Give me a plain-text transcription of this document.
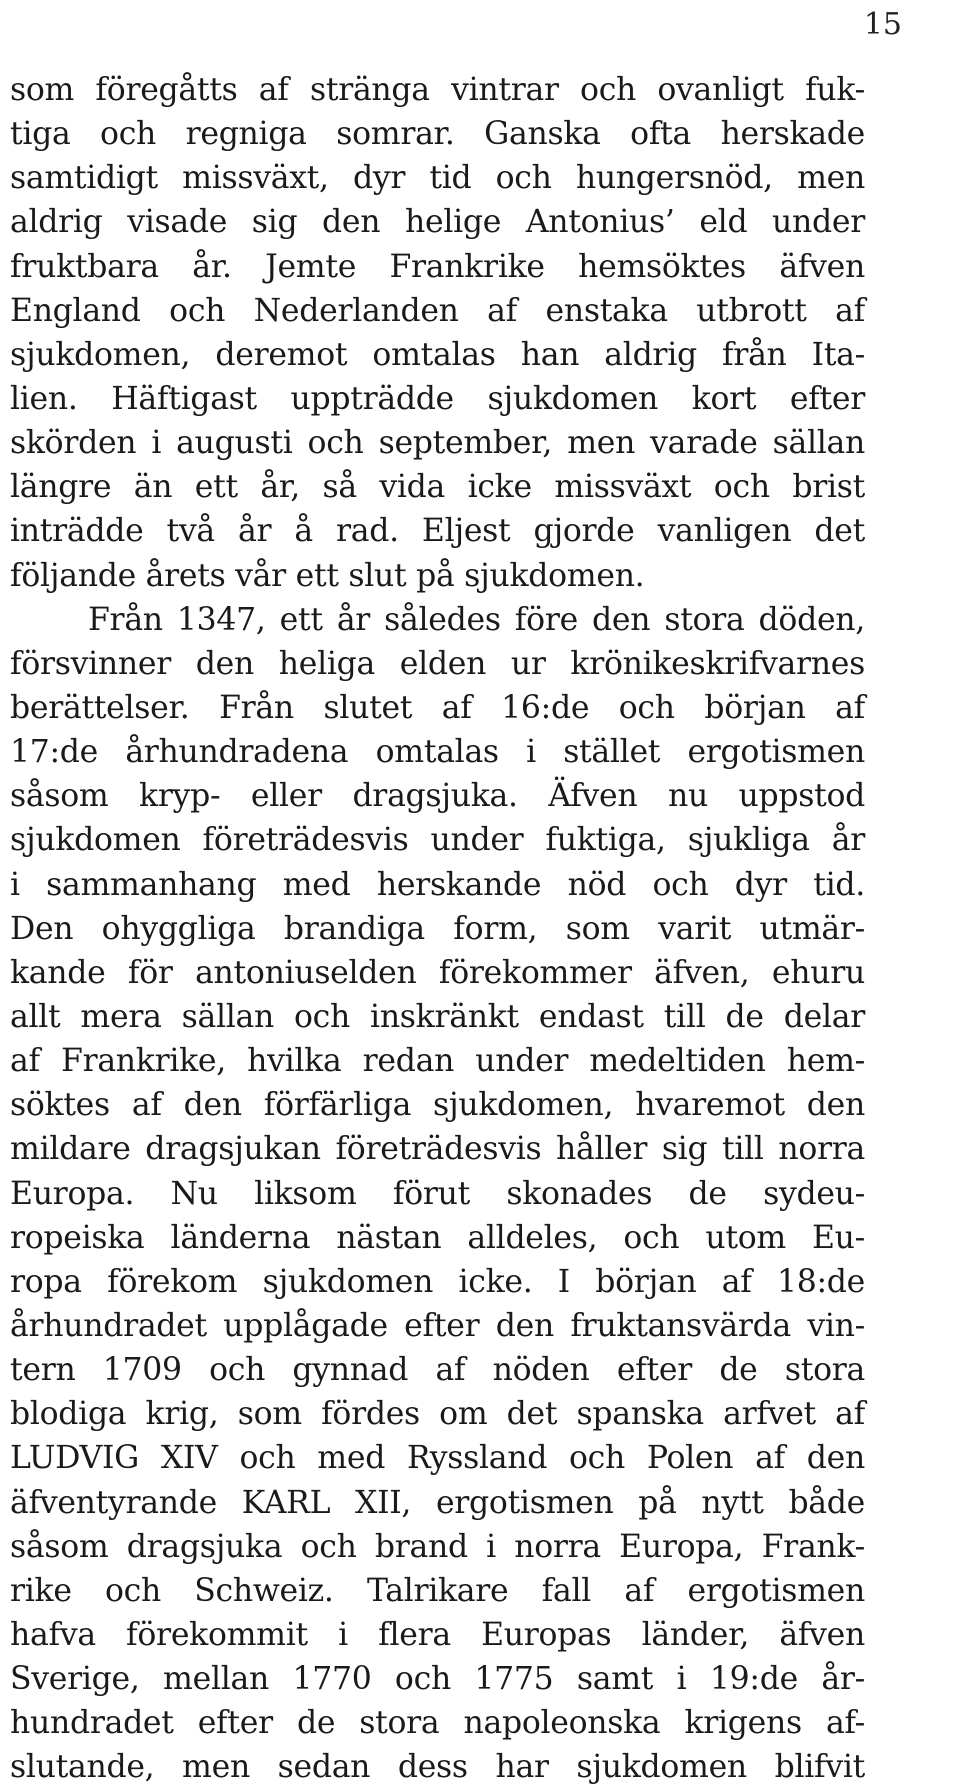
15
som föregåtts af stränga vintrar och ovanligt fuk-
tiga och regniga somrar. Ganska ofta herskade
samtidigt missväxt, dyr tid och hungersnöd, men
aldrig visade sig den helige Antonius’ eld under
fruktbara år. Jemte Frankrike hemsöktes äfven
England och Nederlanden af enstaka utbrott af
sjukdomen, deremot omtalas han aldrig från Ita-
lien. Häftigast uppträdde sjukdomen kort efter
skörden i augusti och september, men varade sällan
längre än ett år, så vida icke missväxt och brist
inträdde två år å rad. Eljest gjorde vanligen det
följande årets vår ett slut på sjukdomen.
Från 1347, ett år således före den stora döden,
försvinner den heliga elden ur krönikeskrifvarnes
berättelser. Från slutet af 16:de och början af
17:de århundradena omtalas i stället ergotismen
såsom kryp- eller dragsjuka. Äfven nu uppstod
sjukdomen företrädesvis under fuktiga, sjukliga år
i sammanhang med herskande nöd och dyr tid.
Den ohyggliga brandiga form, som varit utmär-
kande för antoniuselden förekommer äfven, ehuru
allt mera sällan och inskränkt endast till de delar
af Frankrike, hvilka redan under medeltiden hem-
söktes af den förfärliga sjukdomen, hvaremot den
mildare dragsjukan företrädesvis håller sig till norra
Europa. Nu liksom förut skonades de sydeu-
ropeiska länderna nästan alldeles, och utom Eu-
ropa förekom sjukdomen icke. I början af 18:de
århundradet upplågade efter den fruktansvärda vin-
tern 1709 och gynnad af nöden efter de stora
blodiga krig, som fördes om det spanska arfvet af
LUDVIG XIV och med Ryssland och Polen af den
äfventyrande KARL XII, ergotismen på nytt både
såsom dragsjuka och brand i norra Europa, Frank-
rike och Schweiz. Talrikare fall af ergotismen
hafva förekommit i flera Europas länder, äfven
Sverige, mellan 1770 och 1775 samt i 19:de år-
hundradet efter de stora napoleonska krigens af-
slutande, men sedan dess har sjukdomen blifvit
